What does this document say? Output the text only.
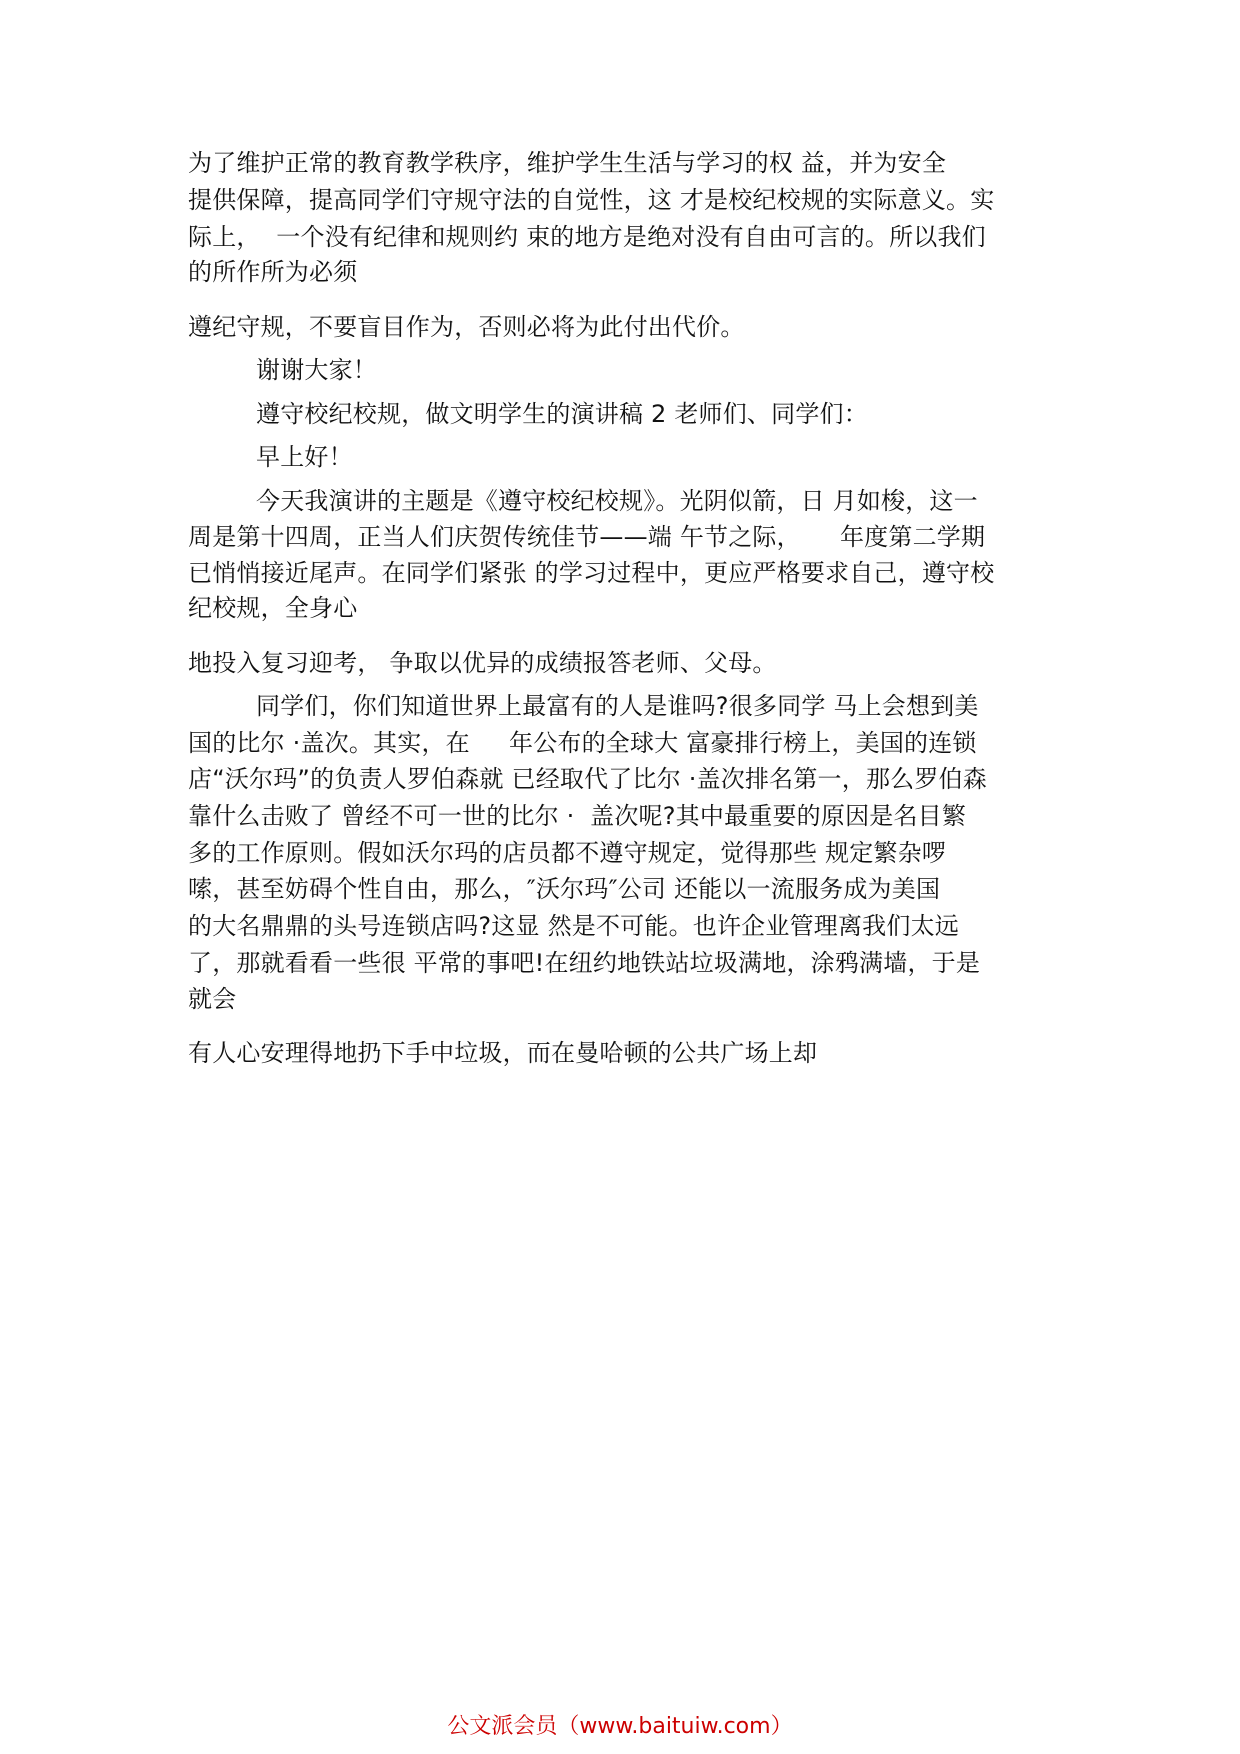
为了维护正常的教育教学秩序，维护学生生活与学习的权 益，并为安全
提供保障，提高同学们守规守法的自觉性，这 才是校纪校规的实际意义。实
际上，  一个没有纪律和规则约 束的地方是绝对没有自由可言的。所以我们
的所作所为必须
遵纪守规，不要盲目作为，否则必将为此付出代价。
谢谢大家！
遵守校纪校规，做文明学生的演讲稿 2 老师们、同学们：
早上好！
今天我演讲的主题是《遵守校纪校规》。光阴似箭，日 月如梭，这一
周是第十四周，正当人们庆贺传统佳节——端 午节之际，     年度第二学期
已悄悄接近尾声。在同学们紧张 的学习过程中，更应严格要求自己，遵守校
纪校规，全身心
地投入复习迎考， 争取以优异的成绩报答老师、父母。
同学们，你们知道世界上最富有的人是谁吗?很多同学 马上会想到美
国的比尔 ·盖次。其实，在     年公布的全球大 富豪排行榜上，美国的连锁
店“沃尔玛”的负责人罗伯森就 已经取代了比尔 ·盖次排名第一，那么罗伯森
靠什么击败了 曾经不可一世的比尔 ·  盖次呢?其中最重要的原因是名目繁
多的工作原则。假如沃尔玛的店员都不遵守规定，觉得那些 规定繁杂啰
嗦，甚至妨碍个性自由，那么，″沃尔玛″公司 还能以一流服务成为美国
的大名鼎鼎的头号连锁店吗?这显 然是不可能。也许企业管理离我们太远
了，那就看看一些很 平常的事吧!在纽约地铁站垃圾满地，涂鸦满墙，于是
就会
有人心安理得地扔下手中垃圾，而在曼哈顿的公共广场上却
公文派会员（www.baituiw.com）
